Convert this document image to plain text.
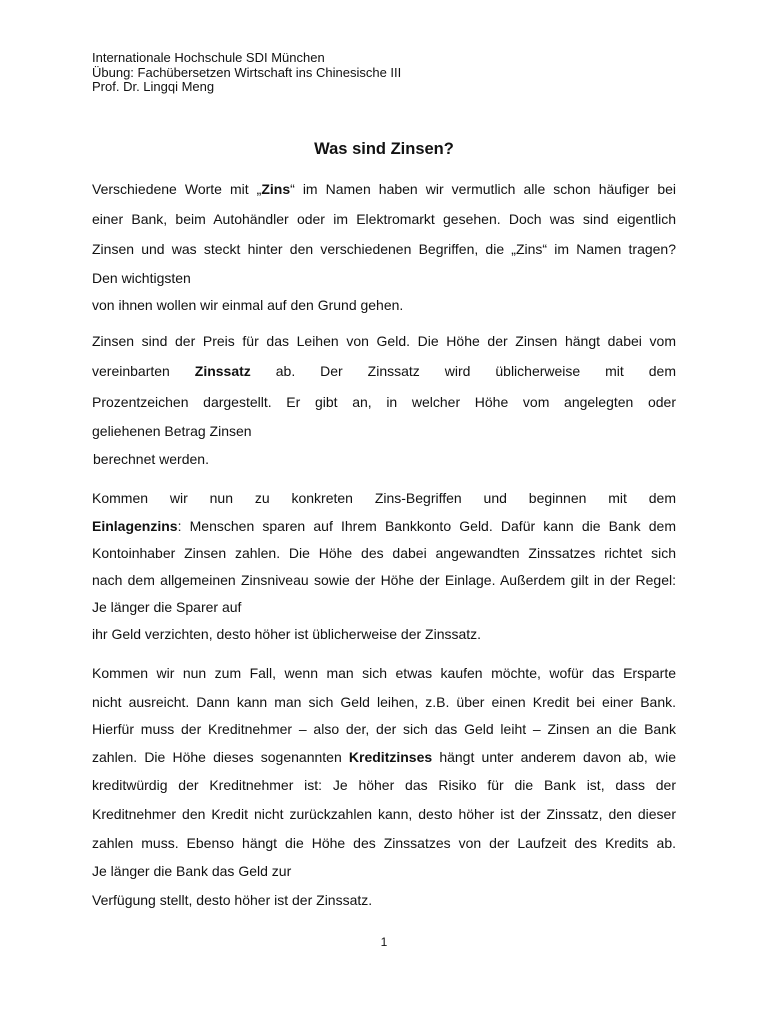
Internationale Hochschule SDI München
Übung: Fachübersetzen Wirtschaft ins Chinesische III
Prof. Dr. Lingqi Meng
Was sind Zinsen?
Verschiedene Worte mit „Zins“ im Namen haben wir vermutlich alle schon häufiger bei
einer Bank, beim Autohändler oder im Elektromarkt gesehen. Doch was sind eigentlich
Zinsen und was steckt hinter den verschiedenen Begriffen, die „Zins“ im Namen tragen?
Den wichtigsten
von ihnen wollen wir einmal auf den Grund gehen.
Zinsen sind der Preis für das Leihen von Geld. Die Höhe der Zinsen hängt dabei vom
vereinbarten Zinssatz ab. Der Zinssatz wird üblicherweise mit dem
Prozentzeichen dargestellt. Er gibt an, in welcher Höhe vom angelegten oder
geliehenen Betrag Zinsen
berechnet werden.
Kommen wir nun zu konkreten Zins-Begriffen und beginnen mit dem
Einlagenzins: Menschen sparen auf Ihrem Bankkonto Geld. Dafür kann die Bank dem
Kontoinhaber Zinsen zahlen. Die Höhe des dabei angewandten Zinssatzes richtet sich
nach dem allgemeinen Zinsniveau sowie der Höhe der Einlage. Außerdem gilt in der Regel:
Je länger die Sparer auf
ihr Geld verzichten, desto höher ist üblicherweise der Zinssatz.
Kommen wir nun zum Fall, wenn man sich etwas kaufen möchte, wofür das Ersparte
nicht ausreicht. Dann kann man sich Geld leihen, z.B. über einen Kredit bei einer Bank.
Hierfür muss der Kreditnehmer – also der, der sich das Geld leiht – Zinsen an die Bank
zahlen. Die Höhe dieses sogenannten Kreditzinses hängt unter anderem davon ab, wie
kreditwürdig der Kreditnehmer ist: Je höher das Risiko für die Bank ist, dass der
Kreditnehmer den Kredit nicht zurückzahlen kann, desto höher ist der Zinssatz, den dieser
zahlen muss. Ebenso hängt die Höhe des Zinssatzes von der Laufzeit des Kredits ab.
Je länger die Bank das Geld zur
Verfügung stellt, desto höher ist der Zinssatz.
1
